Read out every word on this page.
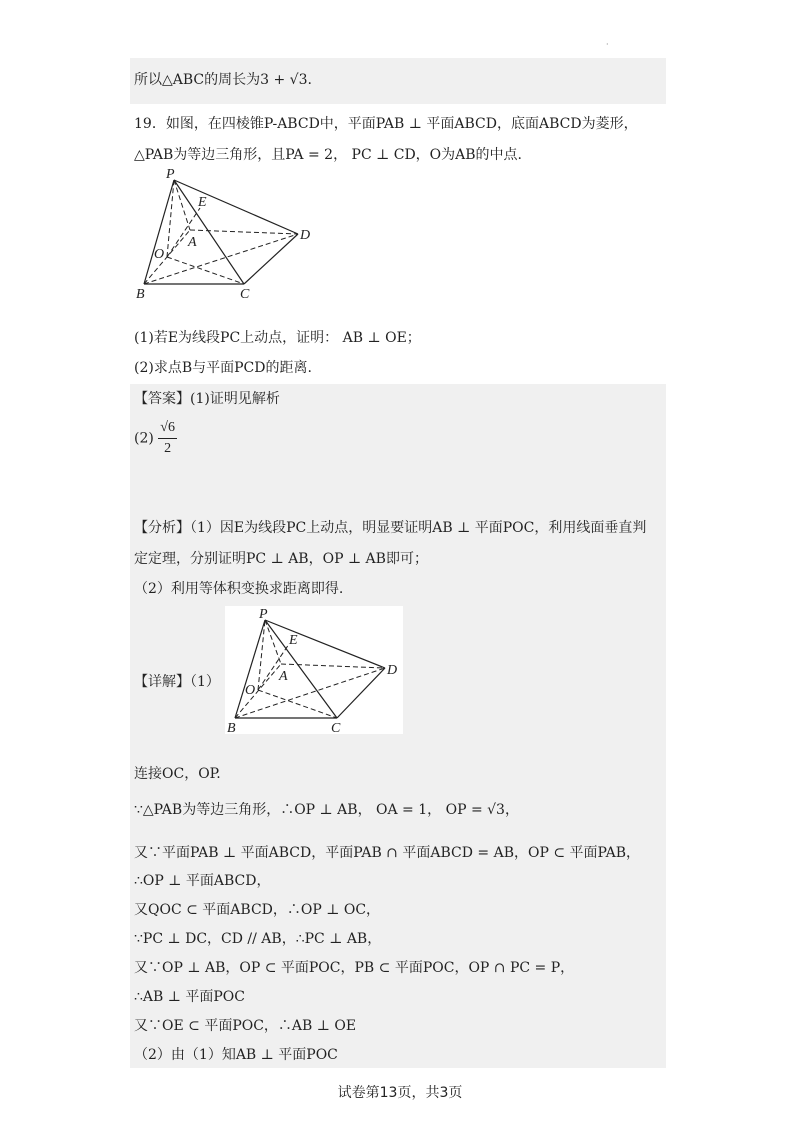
·
所以△ABC的周长为3 + √3.
19．如图，在四棱锥P-ABCD中，平面PAB ⊥ 平面ABCD，底面ABCD为菱形，
△PAB为等边三角形，且PA = 2， PC ⊥ CD，O为AB的中点.
P
E
A
O
D
B	C
(1)若E为线段PC上动点，证明： AB ⊥ OE；
(2)求点B与平面PCD的距离.
【答案】(1)证明见解析
$(2) \frac{√6}{2}$
【分析】（1）因E为线段PC上动点，明显要证明AB ⊥ 平面POC，利用线面垂直判
定定理，分别证明PC ⊥ AB，OP ⊥ AB即可；
（2）利用等体积变换求距离即得.
P
E
A
O
D
B	C
【详解】（1）
连接OC，OP.
∵△PAB为等边三角形，∴OP ⊥ AB， OA = 1， OP = √3，
又∵平面PAB ⊥ 平面ABCD，平面PAB ∩ 平面ABCD = AB，OP ⊂ 平面PAB，
∴OP ⊥ 平面ABCD，
又QOC ⊂ 平面ABCD，∴OP ⊥ OC，
∵PC ⊥ DC，CD // AB，∴PC ⊥ AB，
又∵OP ⊥ AB，OP ⊂ 平面POC，PB ⊂ 平面POC，OP ∩ PC = P，
∴AB ⊥ 平面POC
又∵OE ⊂ 平面POC，∴AB ⊥ OE
（2）由（1）知AB ⊥ 平面POC
试卷第13页，共3页
